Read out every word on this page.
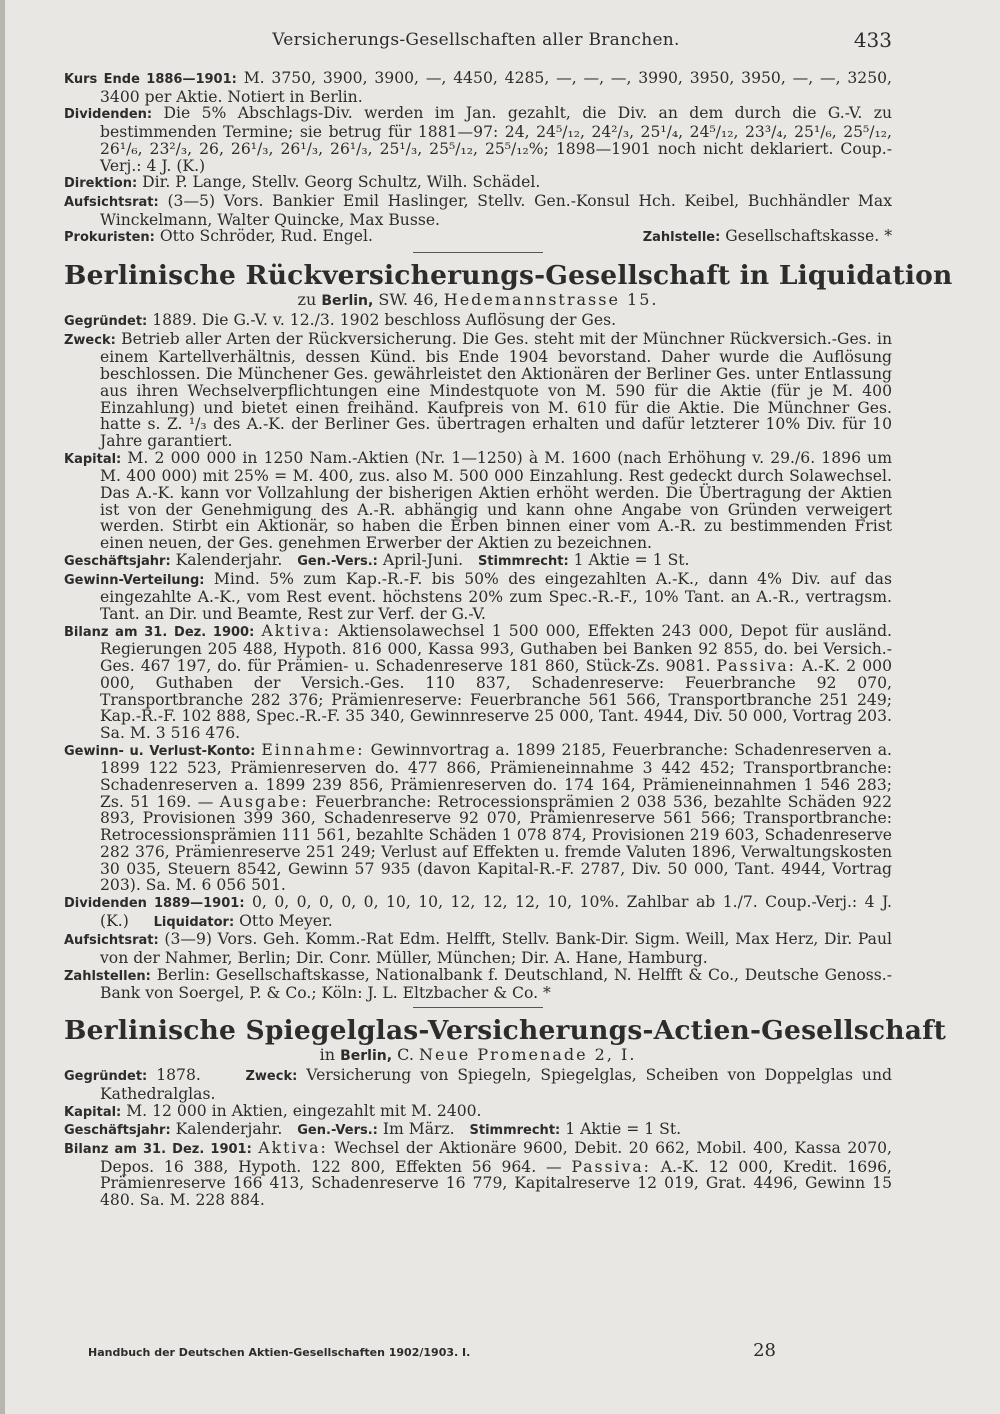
Versicherungs-Gesellschaften aller Branchen.	433

Kurs Ende 1886—1901: M. 3750, 3900, 3900, —, 4450, 4285, —, —, —, 3990, 3950, 3950, —, —, 3250, 3400 per Aktie. Notiert in Berlin.

Dividenden: Die 5% Abschlags-Div. werden im Jan. gezahlt, die Div. an dem durch die G.-V. zu bestimmenden Termine; sie betrug für 1881—97: 24, 24⁵/₁₂, 24²/₃, 25¹/₄, 24⁵/₁₂, 23³/₄, 25¹/₆, 25⁵/₁₂, 26¹/₆, 23²/₃, 26, 26¹/₃, 26¹/₃, 26¹/₃, 25¹/₃, 25⁵/₁₂, 25⁵/₁₂%; 1898—1901 noch nicht deklariert. Coup.-Verj.: 4 J. (K.)

Direktion: Dir. P. Lange, Stellv. Georg Schultz, Wilh. Schädel.

Aufsichtsrat: (3—5) Vors. Bankier Emil Haslinger, Stellv. Gen.-Konsul Hch. Keibel, Buchhändler Max Winckelmann, Walter Quincke, Max Busse.

Prokuristen: Otto Schröder, Rud. Engel.	Zahlstelle: Gesellschaftskasse. *

Berlinische Rückversicherungs-Gesellschaft in Liquidation
zu Berlin, SW. 46, Hedemannstrasse 15.

Gegründet: 1889. Die G.-V. v. 12./3. 1902 beschloss Auflösung der Ges.

Zweck: Betrieb aller Arten der Rückversicherung. Die Ges. steht mit der Münchner Rückversich.-Ges. in einem Kartellverhältnis, dessen Künd. bis Ende 1904 bevorstand. Daher wurde die Auflösung beschlossen. Die Münchener Ges. gewährleistet den Aktionären der Berliner Ges. unter Entlassung aus ihren Wechselverpflichtungen eine Mindestquote von M. 590 für die Aktie (für je M. 400 Einzahlung) und bietet einen freihänd. Kaufpreis von M. 610 für die Aktie. Die Münchner Ges. hatte s. Z. ¹/₃ des A.-K. der Berliner Ges. übertragen erhalten und dafür letzterer 10% Div. für 10 Jahre garantiert.

Kapital: M. 2 000 000 in 1250 Nam.-Aktien (Nr. 1—1250) à M. 1600 (nach Erhöhung v. 29./6. 1896 um M. 400 000) mit 25% = M. 400, zus. also M. 500 000 Einzahlung. Rest gedeckt durch Solawechsel. Das A.-K. kann vor Vollzahlung der bisherigen Aktien erhöht werden. Die Übertragung der Aktien ist von der Genehmigung des A.-R. abhängig und kann ohne Angabe von Gründen verweigert werden. Stirbt ein Aktionär, so haben die Erben binnen einer vom A.-R. zu bestimmenden Frist einen neuen, der Ges. genehmen Erwerber der Aktien zu bezeichnen.

Geschäftsjahr: Kalenderjahr. Gen.-Vers.: April-Juni. Stimmrecht: 1 Aktie = 1 St.

Gewinn-Verteilung: Mind. 5% zum Kap.-R.-F. bis 50% des eingezahlten A.-K., dann 4% Div. auf das eingezahlte A.-K., vom Rest event. höchstens 20% zum Spec.-R.-F., 10% Tant. an A.-R., vertragsm. Tant. an Dir. und Beamte, Rest zur Verf. der G.-V.

Bilanz am 31. Dez. 1900: Aktiva: Aktiensolawechsel 1 500 000, Effekten 243 000, Depot für ausländ. Regierungen 205 488, Hypoth. 816 000, Kassa 993, Guthaben bei Banken 92 855, do. bei Versich.-Ges. 467 197, do. für Prämien- u. Schadenreserve 181 860, Stück-Zs. 9081. Passiva: A.-K. 2 000 000, Guthaben der Versich.-Ges. 110 837, Schadenreserve: Feuerbranche 92 070, Transportbranche 282 376; Prämienreserve: Feuerbranche 561 566, Transportbranche 251 249; Kap.-R.-F. 102 888, Spec.-R.-F. 35 340, Gewinnreserve 25 000, Tant. 4944, Div. 50 000, Vortrag 203. Sa. M. 3 516 476.

Gewinn- u. Verlust-Konto: Einnahme: Gewinnvortrag a. 1899 2185, Feuerbranche: Schadenreserven a. 1899 122 523, Prämienreserven do. 477 866, Prämieneinnahme 3 442 452; Transportbranche: Schadenreserven a. 1899 239 856, Prämienreserven do. 174 164, Prämieneinnahmen 1 546 283; Zs. 51 169. — Ausgabe: Feuerbranche: Retrocessionsprämien 2 038 536, bezahlte Schäden 922 893, Provisionen 399 360, Schadenreserve 92 070, Prämienreserve 561 566; Transportbranche: Retrocessionsprämien 111 561, bezahlte Schäden 1 078 874, Provisionen 219 603, Schadenreserve 282 376, Prämienreserve 251 249; Verlust auf Effekten u. fremde Valuten 1896, Verwaltungskosten 30 035, Steuern 8542, Gewinn 57 935 (davon Kapital-R.-F. 2787, Div. 50 000, Tant. 4944, Vortrag 203). Sa. M. 6 056 501.

Dividenden 1889—1901: 0, 0, 0, 0, 0, 0, 10, 10, 12, 12, 12, 10, 10%. Zahlbar ab 1./7. Coup.-Verj.: 4 J. (K.) Liquidator: Otto Meyer.

Aufsichtsrat: (3—9) Vors. Geh. Komm.-Rat Edm. Helfft, Stellv. Bank-Dir. Sigm. Weill, Max Herz, Dir. Paul von der Nahmer, Berlin; Dir. Conr. Müller, München; Dir. A. Hane, Hamburg.

Zahlstellen: Berlin: Gesellschaftskasse, Nationalbank f. Deutschland, N. Helfft & Co., Deutsche Genoss.-Bank von Soergel, P. & Co.; Köln: J. L. Eltzbacher & Co. *

Berlinische Spiegelglas-Versicherungs-Actien-Gesellschaft
in Berlin, C. Neue Promenade 2, I.

Gegründet: 1878.	Zweck: Versicherung von Spiegeln, Spiegelglas, Scheiben von Doppelglas und Kathedralglas.

Kapital: M. 12 000 in Aktien, eingezahlt mit M. 2400.

Geschäftsjahr: Kalenderjahr. Gen.-Vers.: Im März. Stimmrecht: 1 Aktie = 1 St.

Bilanz am 31. Dez. 1901: Aktiva: Wechsel der Aktionäre 9600, Debit. 20 662, Mobil. 400, Kassa 2070, Depos. 16 388, Hypoth. 122 800, Effekten 56 964. — Passiva: A.-K. 12 000, Kredit. 1696, Prämienreserve 166 413, Schadenreserve 16 779, Kapitalreserve 12 019, Grat. 4496, Gewinn 15 480. Sa. M. 228 884.

Handbuch der Deutschen Aktien-Gesellschaften 1902/1903. I.	28
